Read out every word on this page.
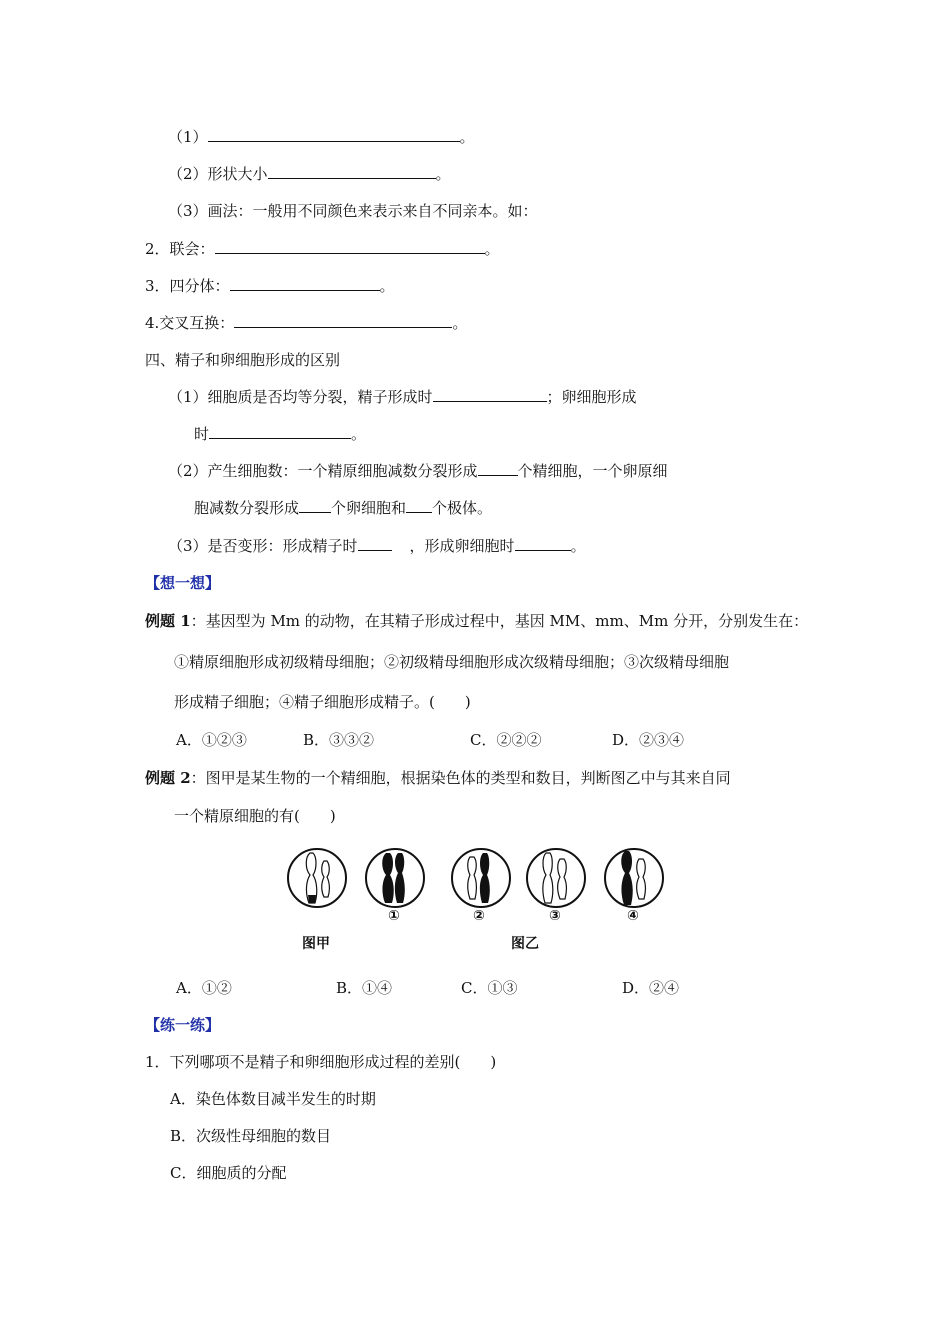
（1）	。
（2）形状大小	。
（3）画法：一般用不同颜色来表示来自不同亲本。如：
2．联会：	。
3．四分体：	。
4.交叉互换：	。
四、精子和卵细胞形成的区别
（1）细胞质是否均等分裂，精子形成时	；卵细胞形成
时	。
（2）产生细胞数：一个精原细胞减数分裂形成	个精细胞，一个卵原细
胞减数分裂形成 个卵细胞和 个极体。
（3）是否变形：形成精子时	，形成卵细胞时	。
【想一想】
例题 1：基因型为 Mm 的动物，在其精子形成过程中，基因 MM、mm、Mm 分开，分别发生在：
①精原细胞形成初级精母细胞；②初级精母细胞形成次级精母细胞；③次级精母细胞
形成精子细胞；④精子细胞形成精子。(　　)
A．①②③	B．③③②	C．②②②	D．②③④
例题 2：图甲是某生物的一个精细胞，根据染色体的类型和数目，判断图乙中与其来自同
一个精原细胞的有(　　)
①	②	③	④
图甲	图乙
A．①②	B．①④	C．①③	D．②④
【练一练】
1．下列哪项不是精子和卵细胞形成过程的差别(　　)
A．染色体数目减半发生的时期
B．次级性母细胞的数目
C．细胞质的分配
